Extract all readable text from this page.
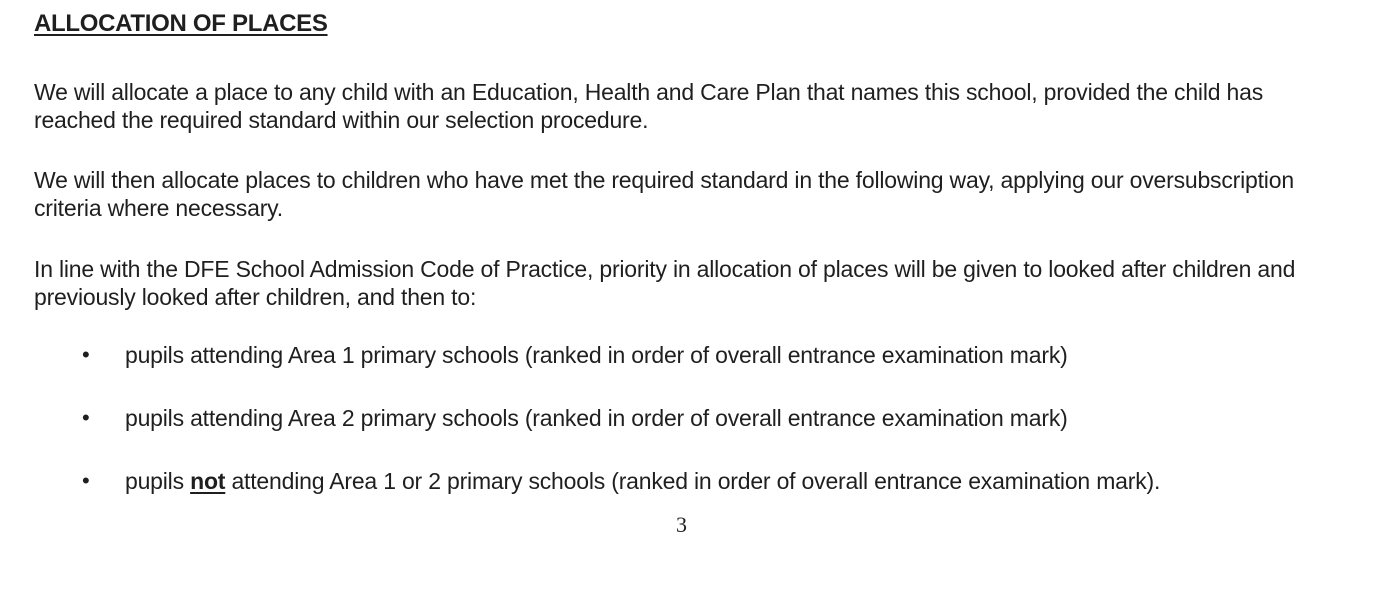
ALLOCATION OF PLACES

We will allocate a place to any child with an Education, Health and Care Plan that names this school, provided the child has reached the required standard within our selection procedure.

We will then allocate places to children who have met the required standard in the following way, applying our oversubscription criteria where necessary.

In line with the DFE School Admission Code of Practice, priority in allocation of places will be given to looked after children and previously looked after children, and then to:

• pupils attending Area 1 primary schools (ranked in order of overall entrance examination mark)
• pupils attending Area 2 primary schools (ranked in order of overall entrance examination mark)
• pupils not attending Area 1 or 2 primary schools (ranked in order of overall entrance examination mark).

3
